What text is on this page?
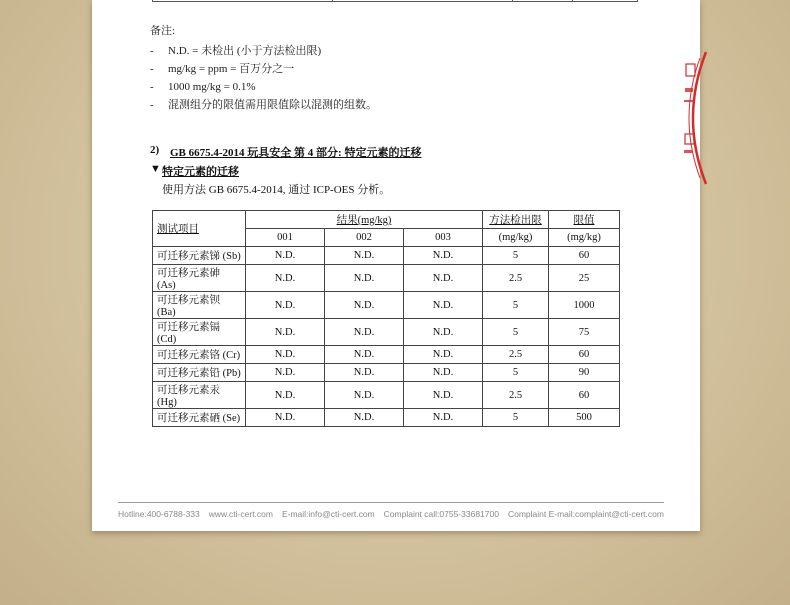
备注:
-	N.D. = 未检出 (小于方法检出限)
-	mg/kg = ppm = 百万分之一
-	1000 mg/kg = 0.1%
-	混测组分的限值需用限值除以混测的组数。
2) GB 6675.4-2014 玩具安全 第 4 部分: 特定元素的迁移
▼ 特定元素的迁移
使用方法 GB 6675.4-2014, 通过 ICP-OES 分析。
测试项目	结果(mg/kg)			方法检出限	限值
	001	002	003	(mg/kg)	(mg/kg)
可迁移元素锑 (Sb)	N.D.	N.D.	N.D.	5	60
可迁移元素砷 (As)	N.D.	N.D.	N.D.	2.5	25
可迁移元素钡 (Ba)	N.D.	N.D.	N.D.	5	1000
可迁移元素镉 (Cd)	N.D.	N.D.	N.D.	5	75
可迁移元素铬 (Cr)	N.D.	N.D.	N.D.	2.5	60
可迁移元素铅 (Pb)	N.D.	N.D.	N.D.	5	90
可迁移元素汞 (Hg)	N.D.	N.D.	N.D.	2.5	60
可迁移元素硒 (Se)	N.D.	N.D.	N.D.	5	500
Hotline:400-6788-333 www.cti-cert.com E-mail:info@cti-cert.com Complaint call:0755-33681700 Complaint E-mail:complaint@cti-cert.com
